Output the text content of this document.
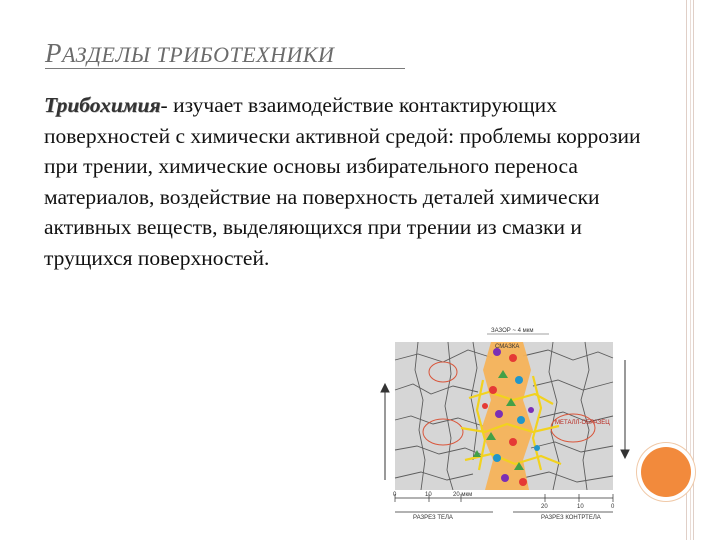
РАЗДЕЛЫ ТРИБОТЕХНИКИ

Трибохимия- изучает взаимодействие контактирующих поверхностей с химически активной средой: проблемы коррозии при трении, химические основы избирательного переноса материалов, воздействие на поверхность деталей химически активных веществ, выделяющихся при трении из смазки и трущихся поверхностей.

ЗАЗОР ~ 4 мкм
СМАЗКА
МЕТАЛЛ-ОБРАЗЕЦ
0	10	20 мкм
20	10	0
РАЗРЕЗ ТЕЛА	РАЗРЕЗ КОНТРТЕЛА
